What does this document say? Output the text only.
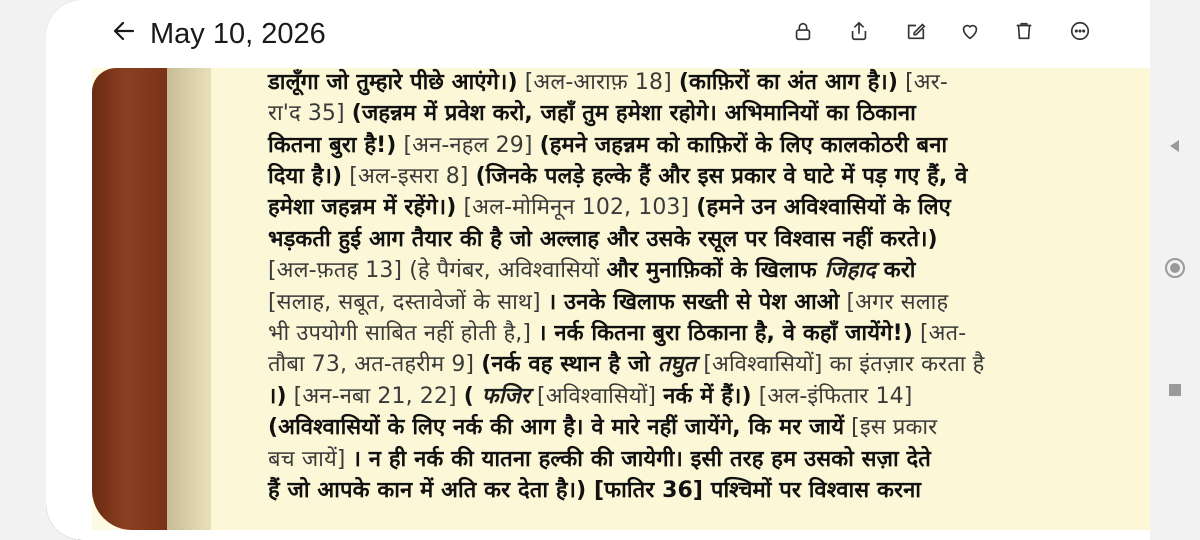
डालूँगा जो तुम्हारे पीछे आएंगे।) [अल-आराफ़ 18] (काफ़िरों का अंत आग है।) [अर-
रा'द 35] (जहन्नम में प्रवेश करो, जहाँ तुम हमेशा रहोगे। अभिमानियों का ठिकाना
कितना बुरा है!) [अन-नहल 29] (हमने जहन्नम को काफ़िरों के लिए कालकोठरी बना
दिया है।) [अल-इसरा 8] (जिनके पलड़े हल्के हैं और इस प्रकार वे घाटे में पड़ गए हैं, वे
हमेशा जहन्नम में रहेंगे।) [अल-मोमिनून 102, 103] (हमने उन अविश्वासियों के लिए
भड़कती हुई आग तैयार की है जो अल्लाह और उसके रसूल पर विश्वास नहीं करते।)
[अल-फ़तह 13] (हे पैगंबर, अविश्वासियों और मुनाफ़िकों के खिलाफ जिहाद करो
[सलाह, सबूत, दस्तावेजों के साथ] । उनके खिलाफ सख्ती से पेश आओ [अगर सलाह
भी उपयोगी साबित नहीं होती है,] । नर्क कितना बुरा ठिकाना है, वे कहाँ जायेंगे!) [अत-
तौबा 73, अत-तहरीम 9] (नर्क वह स्थान है जो तघुत [अविश्वासियों] का इंतज़ार करता है
।) [अन-नबा 21, 22] ( फजिर [अविश्वासियों] नर्क में हैं।) [अल-इंफितार 14]
(अविश्वासियों के लिए नर्क की आग है। वे मारे नहीं जायेंगे, कि मर जायें [इस प्रकार
बच जायें] । न ही नर्क की यातना हल्की की जायेगी। इसी तरह हम उसको सज़ा देते
हैं जो आपके कान में अति कर देता है।) [फातिर 36] पश्चिमों पर विश्वास करना
May 10, 2026
